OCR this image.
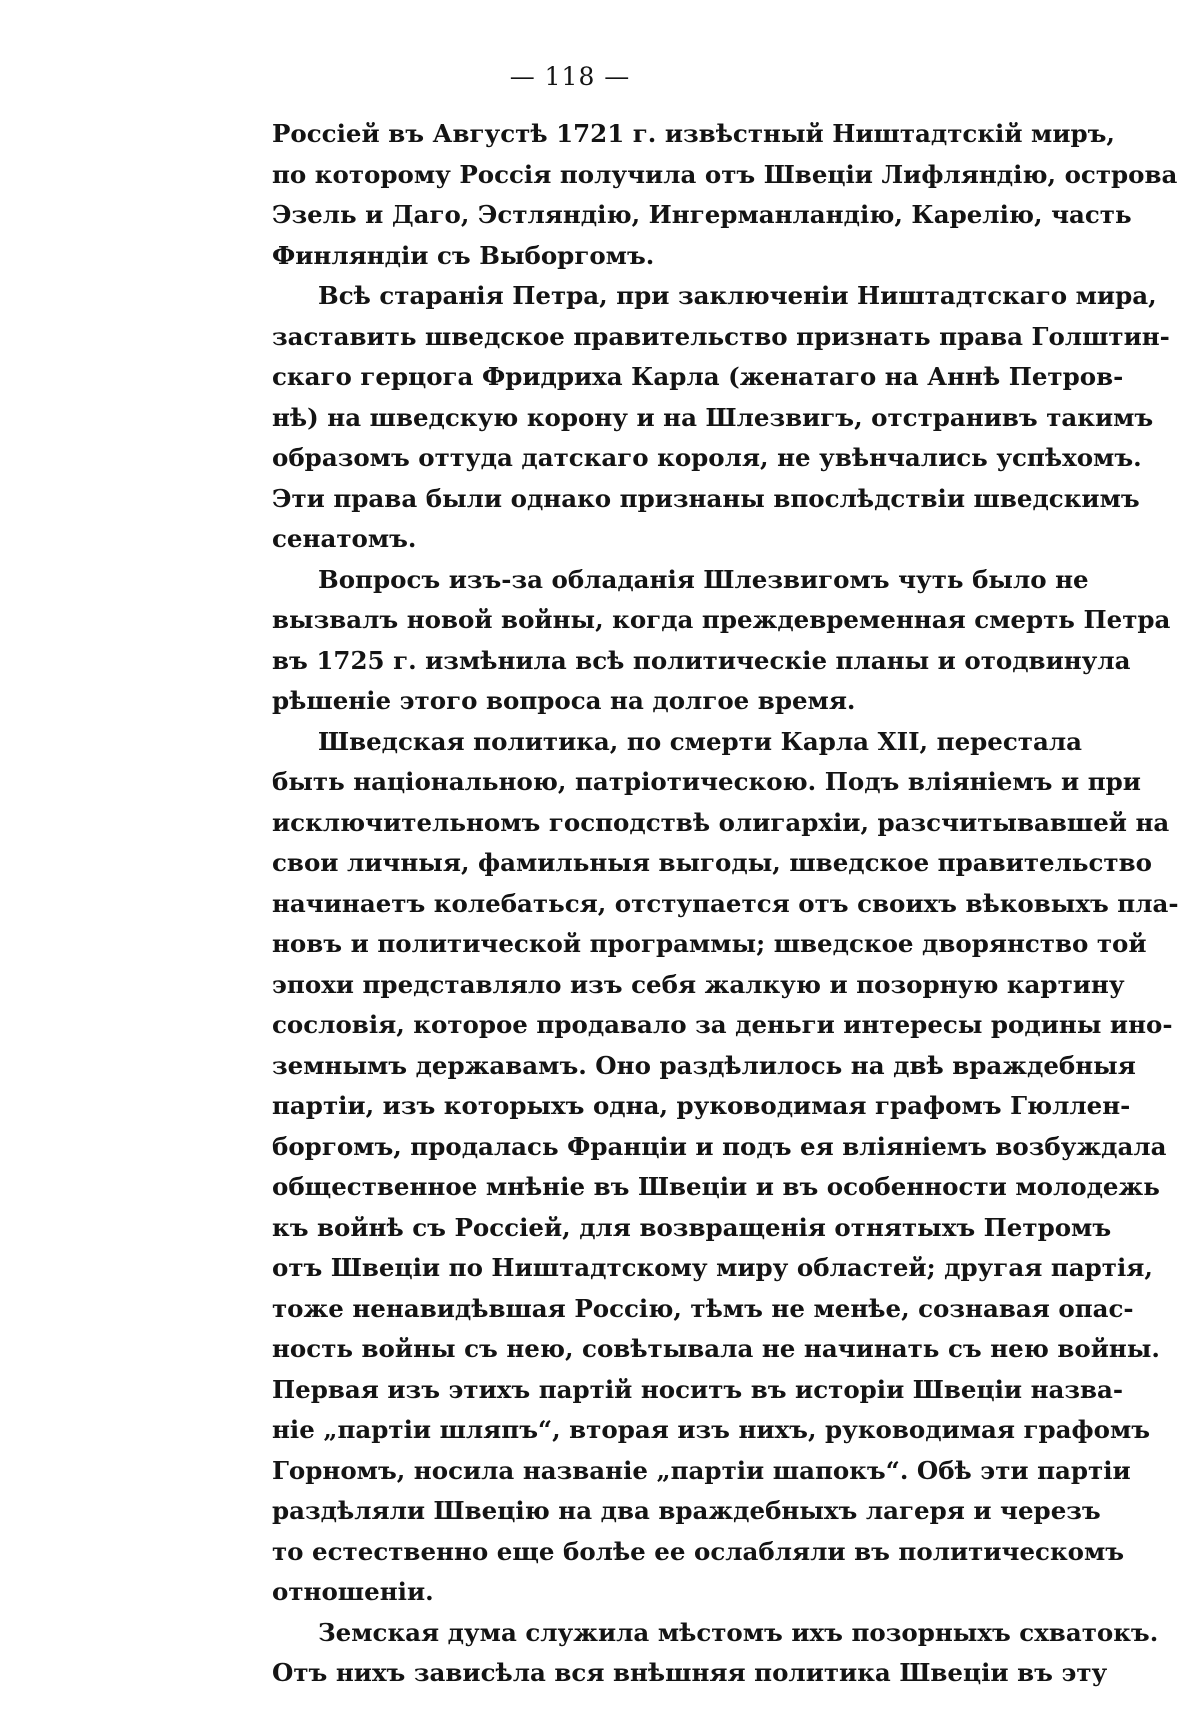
— 118 —
Россіей въ Августѣ 1721 г. извѣстный Ништадтскій миръ,
по которому Россія получила отъ Швеціи Лифляндію, острова
Эзель и Даго, Эстляндію, Ингерманландію, Карелію, часть
Финляндіи съ Выборгомъ.
Всѣ старанія Петра, при заключеніи Ништадтскаго мира,
заставить шведское правительство признать права Голштин-
скаго герцога Фридриха Карла (женатаго на Аннѣ Петров-
нѣ) на шведскую корону и на Шлезвигъ, отстранивъ такимъ
образомъ оттуда датскаго короля, не увѣнчались успѣхомъ.
Эти права были однако признаны впослѣдствіи шведскимъ
сенатомъ.
Вопросъ изъ-за обладанія Шлезвигомъ чуть было не
вызвалъ новой войны, когда преждевременная смерть Петра
въ 1725 г. измѣнила всѣ политическіе планы и отодвинула
рѣшеніе этого вопроса на долгое время.
Шведская политика, по смерти Карла XII, перестала
быть національною, патріотическою. Подъ вліяніемъ и при
исключительномъ господствѣ олигархіи, разсчитывавшей на
свои личныя, фамильныя выгоды, шведское правительство
начинаетъ колебаться, отступается отъ своихъ вѣковыхъ пла-
новъ и политической программы; шведское дворянство той
эпохи представляло изъ себя жалкую и позорную картину
сословія, которое продавало за деньги интересы родины ино-
земнымъ державамъ. Оно раздѣлилось на двѣ враждебныя
партіи, изъ которыхъ одна, руководимая графомъ Гюллен-
боргомъ, продалась Франціи и подъ ея вліяніемъ возбуждала
общественное мнѣніе въ Швеціи и въ особенности молодежь
къ войнѣ съ Россіей, для возвращенія отнятыхъ Петромъ
отъ Швеціи по Ништадтскому миру областей; другая партія,
тоже ненавидѣвшая Россію, тѣмъ не менѣе, сознавая опас-
ность войны съ нею, совѣтывала не начинать съ нею войны.
Первая изъ этихъ партій носитъ въ исторіи Швеціи назва-
ніе „партіи шляпъ“, вторая изъ нихъ, руководимая графомъ
Горномъ, носила названіе „партіи шапокъ“. Обѣ эти партіи
раздѣляли Швецію на два враждебныхъ лагеря и черезъ
то естественно еще болѣе ее ослабляли въ политическомъ
отношеніи.
Земская дума служила мѣстомъ ихъ позорныхъ схватокъ.
Отъ нихъ зависѣла вся внѣшняя политика Швеціи въ эту
